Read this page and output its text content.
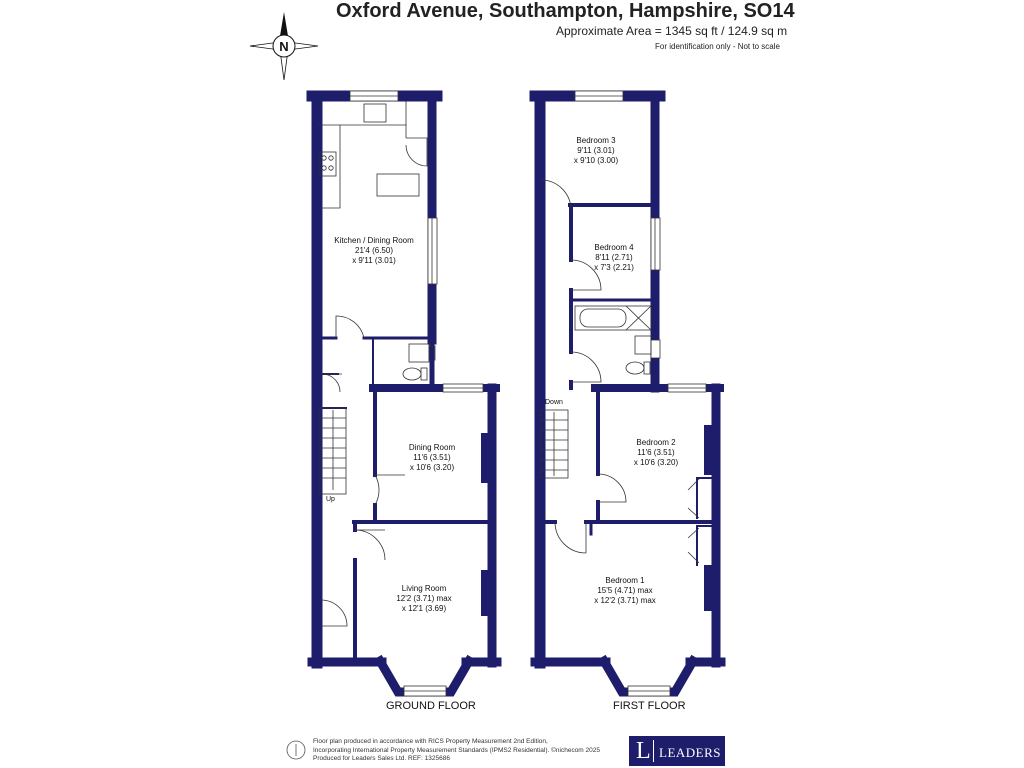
Oxford Avenue, Southampton, Hampshire, SO14
Approximate Area = 1345 sq ft / 124.9 sq m
For identification only - Not to scale
N
Kitchen / Dining Room
21'4 (6.50)
x 9'11 (3.01)
Dining Room
11'6 (3.51)
x 10'6 (3.20)
Living Room
12'2 (3.71) max
x 12'1 (3.69)
Up
Bedroom 3
9'11 (3.01)
x 9'10 (3.00)
Bedroom 4
8'11 (2.71)
x 7'3 (2.21)
Bedroom 2
11'6 (3.51)
x 10'6 (3.20)
Bedroom 1
15'5 (4.71) max
x 12'2 (3.71) max
Down
GROUND FLOOR	FIRST FLOOR
Floor plan produced in accordance with RICS Property Measurement 2nd Edition,
Incorporating International Property Measurement Standards (IPMS2 Residential). ©nichecom 2025
Produced for Leaders Sales Ltd. REF: 1325686	L LEADERS
